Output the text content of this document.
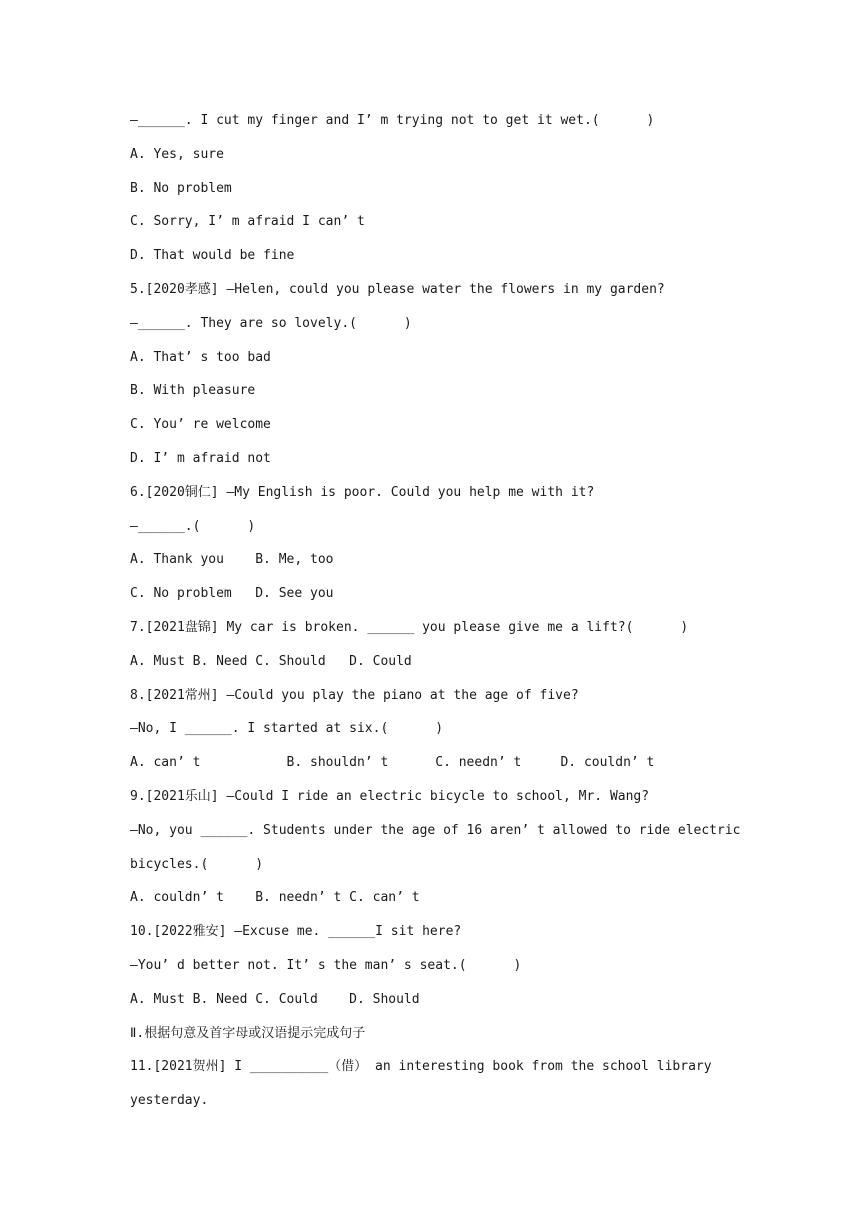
—______. I cut my finger and I’ m trying not to get it wet.(      )
A. Yes, sure
B. No problem
C. Sorry, I’ m afraid I can’ t
D. That would be fine
5.[2020孝感] —Helen, could you please water the flowers in my garden?
—______. They are so lovely.(      )
A. That’ s too bad
B. With pleasure
C. You’ re welcome
D. I’ m afraid not
6.[2020铜仁] —My English is poor. Could you help me with it?
—______.(      )
A. Thank you    B. Me, too
C. No problem   D. See you
7.[2021盘锦] My car is broken. ______ you please give me a lift?(      )
A. Must B. Need C. Should   D. Could
8.[2021常州] —Could you play the piano at the age of five?
—No, I ______. I started at six.(      )
A. can’ t           B. shouldn’ t      C. needn’ t     D. couldn’ t
9.[2021乐山] —Could I ride an electric bicycle to school, Mr. Wang?
—No, you ______. Students under the age of 16 aren’ t allowed to ride electric
bicycles.(      )
A. couldn’ t    B. needn’ t C. can’ t
10.[2022雅安] —Excuse me. ______I sit here?
—You’ d better not. It’ s the man’ s seat.(      )
A. Must B. Need C. Could    D. Should
Ⅱ.根据句意及首字母或汉语提示完成句子
11.[2021贺州] I __________（借） an interesting book from the school library
yesterday.
